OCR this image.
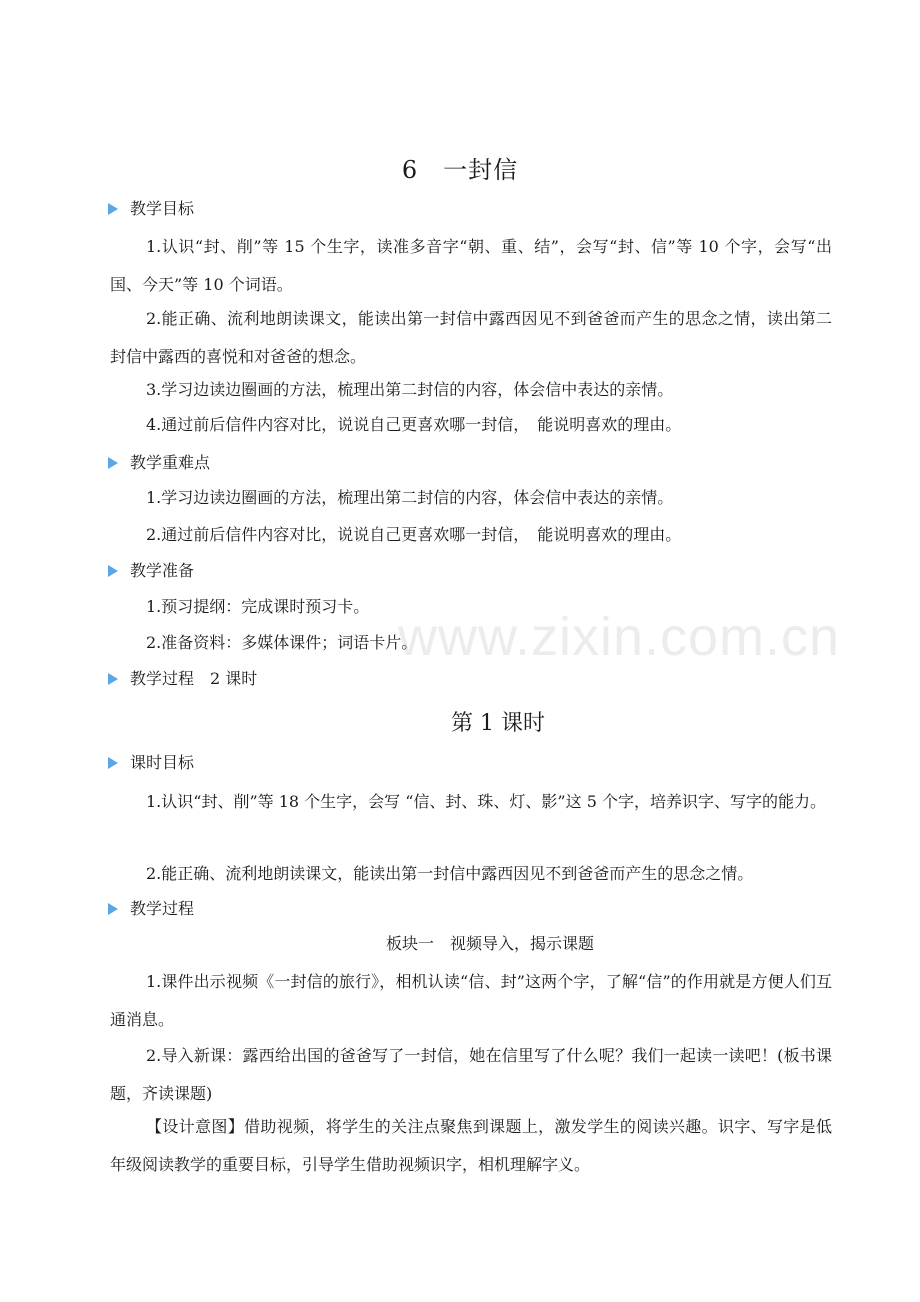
www.zixin.com.cn
6　一封信
教学目标
1.认识“封、削”等 15 个生字，读准多音字“朝、重、结”，会写“封、信”等 10 个字，会写“出国、今天”等 10 个词语。
2.能正确、流利地朗读课文，能读出第一封信中露西因见不到爸爸而产生的思念之情，读出第二封信中露西的喜悦和对爸爸的想念。
3.学习边读边圈画的方法，梳理出第二封信的内容，体会信中表达的亲情。
4.通过前后信件内容对比，说说自己更喜欢哪一封信，　能说明喜欢的理由。
教学重难点
1.学习边读边圈画的方法，梳理出第二封信的内容，体会信中表达的亲情。
2.通过前后信件内容对比，说说自己更喜欢哪一封信，　能说明喜欢的理由。
教学准备
1.预习提纲：完成课时预习卡。
2.准备资料：多媒体课件；词语卡片。
教学过程　2 课时
第 1 课时
课时目标
1.认识“封、削”等 18 个生字，会写 “信、封、珠、灯、影”这 5 个字，培养识字、写字的能力。
2.能正确、流利地朗读课文，能读出第一封信中露西因见不到爸爸而产生的思念之情。
教学过程
板块一　视频导入，揭示课题
1.课件出示视频《一封信的旅行》，相机认读“信、封”这两个字，了解“信”的作用就是方便人们互通消息。
2.导入新课：露西给出国的爸爸写了一封信，她在信里写了什么呢？我们一起读一读吧！(板书课题，齐读课题)
【设计意图】借助视频，将学生的关注点聚焦到课题上，激发学生的阅读兴趣。识字、写字是低年级阅读教学的重要目标，引导学生借助视频识字，相机理解字义。
